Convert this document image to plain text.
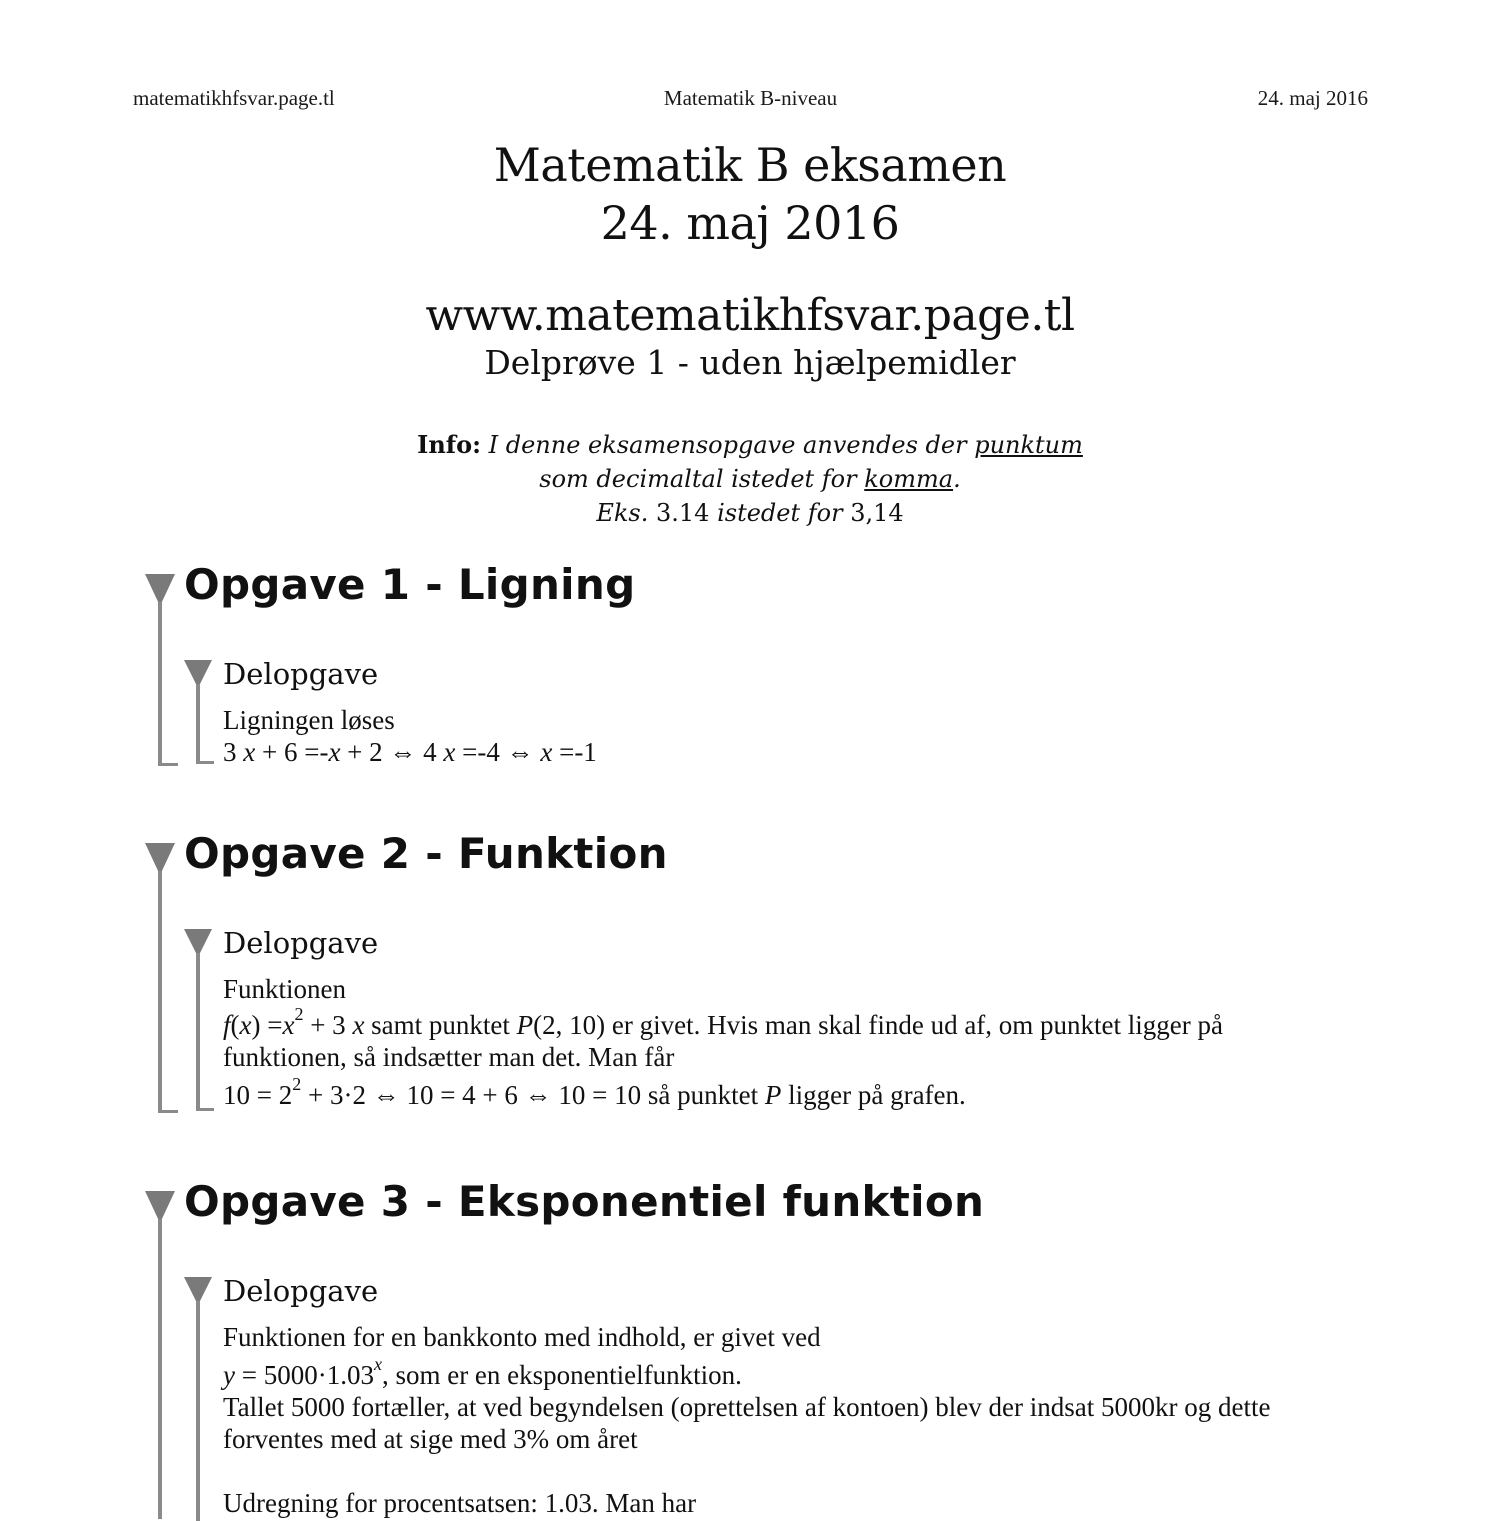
matematikhfsvar.page.tl	Matematik B-niveau	24. maj 2016
Matematik B eksamen
24. maj 2016
www.matematikhfsvar.page.tl
Delprøve 1 - uden hjælpemidler
Info: I denne eksamensopgave anvendes der punktum
som decimaltal istedet for komma.
Eks. 3.14 istedet for 3,14
Opgave 1 - Ligning
Delopgave

Ligningen løses

3 x + 6 =-x + 2 ⇔ 4 x =-4 ⇔ x =-1

Opgave 2 - Funktion
Delopgave

Funktionen

$f(x) =x^2 + 3$ x samt punktet P(2, 10) er givet. Hvis man skal finde ud af, om punktet ligger på

funktionen, så indsætter man det. Man får

$10 = 2^2 + 3\cdot 2$ ⇔ 10 = 4 + 6 ⇔ 10 = 10 så punktet P ligger på grafen.

Opgave 3 - Eksponentiel funktion
Delopgave

Funktionen for en bankkonto med indhold, er givet ved

$y = 5000\cdot 1.03^x$, som er en eksponentielfunktion.

Tallet 5000 fortæller, at ved begyndelsen (oprettelsen af kontoen) blev der indsat 5000kr og dette

forventes med at sige med 3% om året

Udregning for procentsatsen: 1.03. Man har
